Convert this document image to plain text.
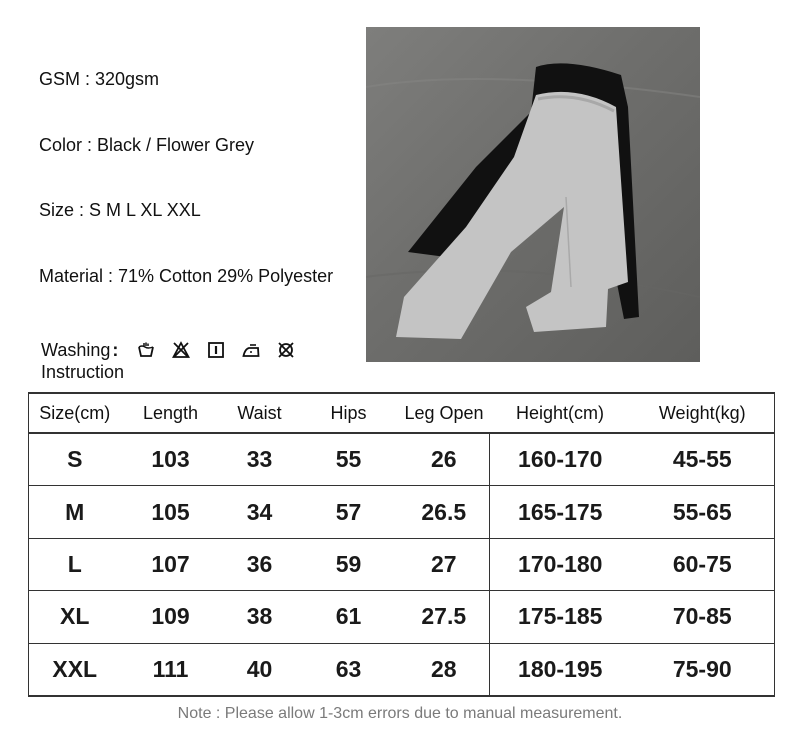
GSM : 320gsm
Color : Black / Flower Grey
Size : S M L XL XXL
Material : 71% Cotton 29% Polyester
Washing :
Instruction
Size(cm)	Length	Waist	Hips	Leg Open	Height(cm)	Weight(kg)
S	103	33	55	26	160-170	45-55
M	105	34	57	26.5	165-175	55-65
L	107	36	59	27	170-180	60-75
XL	109	38	61	27.5	175-185	70-85
XXL	111	40	63	28	180-195	75-90
Note : Please allow 1-3cm errors due to manual measurement.
